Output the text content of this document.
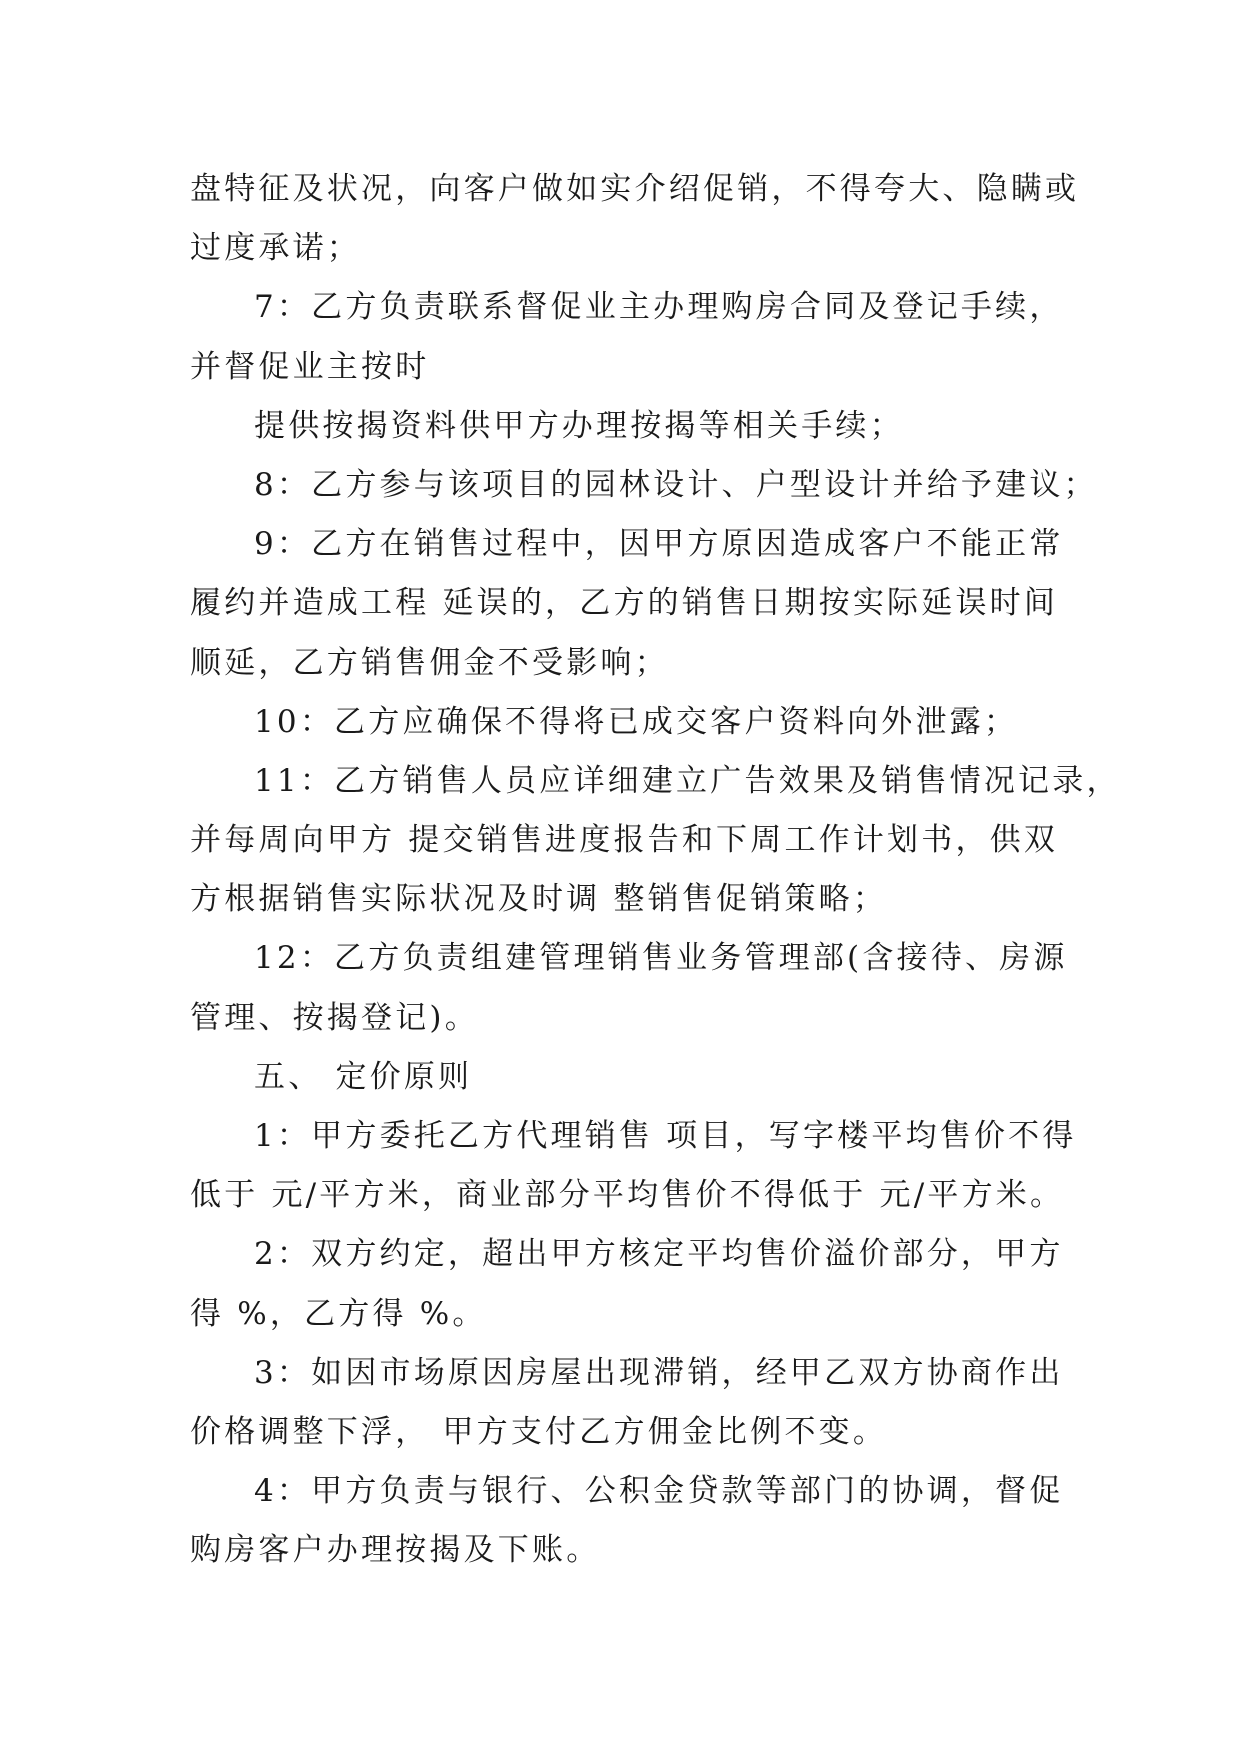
盘特征及状况，向客户做如实介绍促销，不得夸大、隐瞒或

过度承诺；

7：乙方负责联系督促业主办理购房合同及登记手续，

并督促业主按时

提供按揭资料供甲方办理按揭等相关手续；

8：乙方参与该项目的园林设计、户型设计并给予建议；

9：乙方在销售过程中，因甲方原因造成客户不能正常

履约并造成工程 延误的，乙方的销售日期按实际延误时间

顺延，乙方销售佣金不受影响；

10：乙方应确保不得将已成交客户资料向外泄露；

11：乙方销售人员应详细建立广告效果及销售情况记录，

并每周向甲方 提交销售进度报告和下周工作计划书，供双

方根据销售实际状况及时调 整销售促销策略；

12：乙方负责组建管理销售业务管理部(含接待、房源

管理、按揭登记)。

五、 定价原则

1：甲方委托乙方代理销售 项目，写字楼平均售价不得

低于 元/平方米，商业部分平均售价不得低于 元/平方米。

2：双方约定，超出甲方核定平均售价溢价部分，甲方

得 %，乙方得 %。

3：如因市场原因房屋出现滞销，经甲乙双方协商作出

价格调整下浮， 甲方支付乙方佣金比例不变。

4：甲方负责与银行、公积金贷款等部门的协调，督促

购房客户办理按揭及下账。
